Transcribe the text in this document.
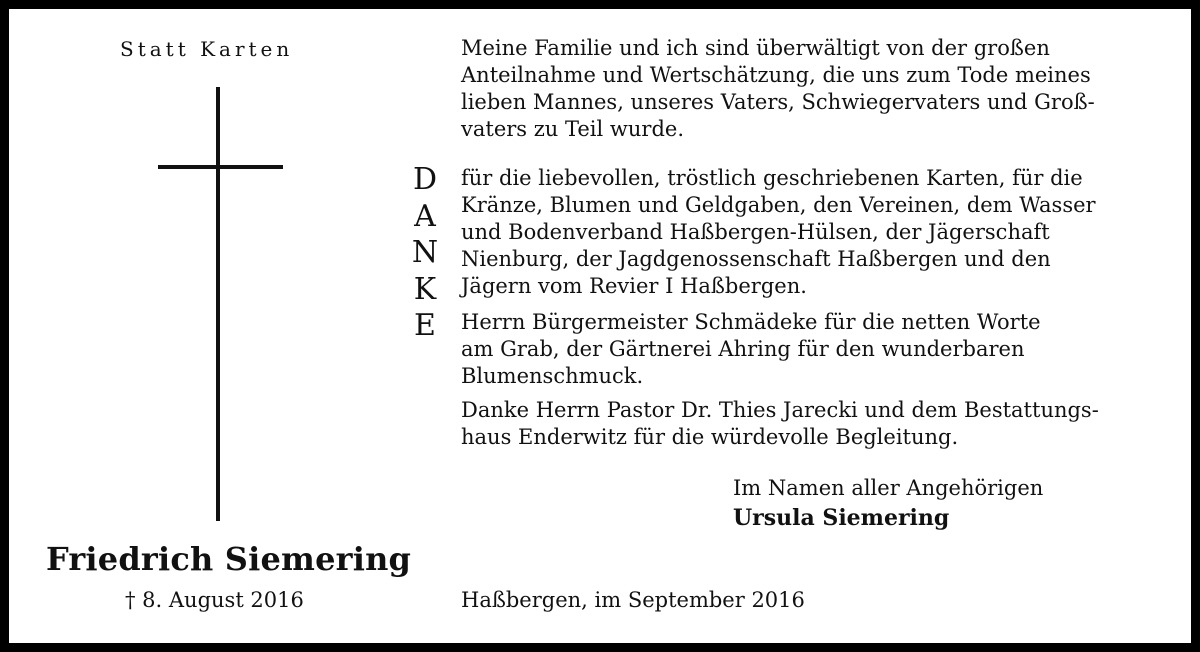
Statt Karten
Friedrich Siemering
† 8. August 2016
D
A
N
K
E
Meine Familie und ich sind überwältigt von der großen
Anteilnahme und Wertschätzung, die uns zum Tode meines
lieben Mannes, unseres Vaters, Schwiegervaters und Groß-
vaters zu Teil wurde.
für die liebevollen, tröstlich geschriebenen Karten, für die
Kränze, Blumen und Geldgaben, den Vereinen, dem Wasser
und Bodenverband Haßbergen-Hülsen, der Jägerschaft
Nienburg, der Jagdgenossenschaft Haßbergen und den
Jägern vom Revier I Haßbergen.
Herrn Bürgermeister Schmädeke für die netten Worte
am Grab, der Gärtnerei Ahring für den wunderbaren
Blumenschmuck.
Danke Herrn Pastor Dr. Thies Jarecki und dem Bestattungs-
haus Enderwitz für die würdevolle Begleitung.
Im Namen aller Angehörigen
Ursula Siemering
Haßbergen, im September 2016
